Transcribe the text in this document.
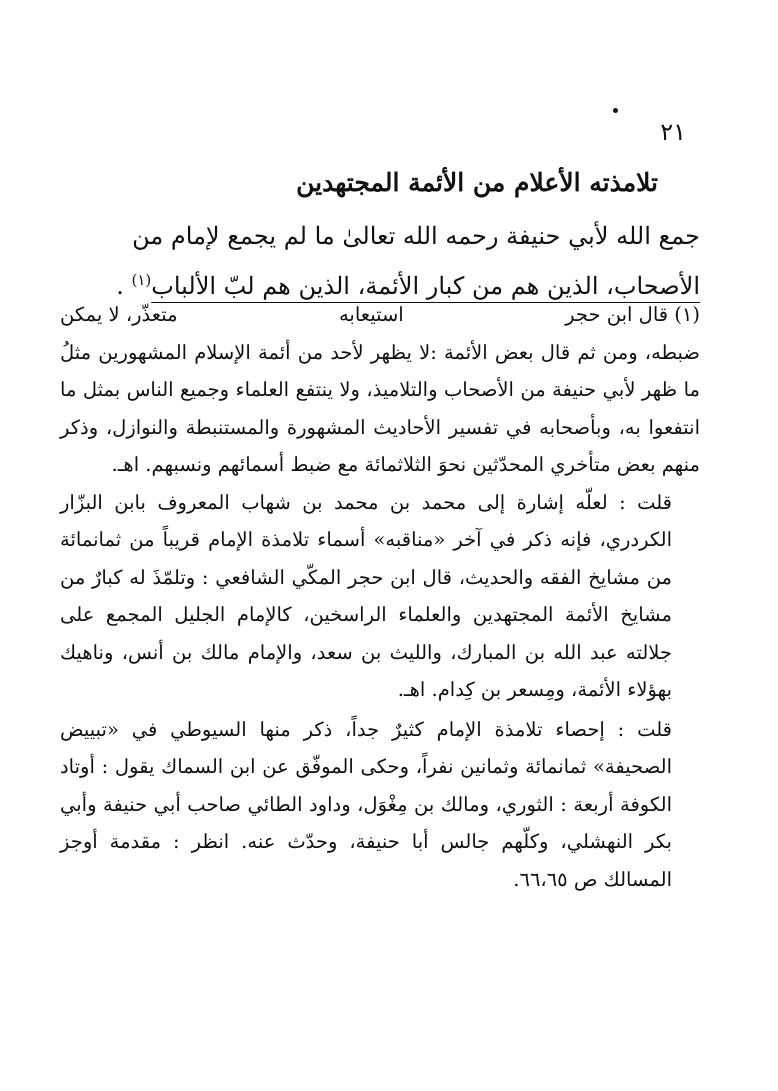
٢١
تلامذته الأعلام من الأئمة المجتهدين

جمع الله لأبي حنيفة رحمه الله تعالىٰ ما لم يجمع لإمام من

الأصحاب، الذين هم من كبار الأئمة، الذين هم لبّ الألباب$^{(١)}$ .

(١) قال ابن حجر
استيعابه
متعذّر، لا يمكن

ضبطه، ومن ثم قال بعض الأئمة :لا يظهر لأحد من أئمة الإسلام المشهورين مثلُ ما ظهر لأبي حنيفة من الأصحاب والتلاميذ، ولا ينتفع العلماء وجميع الناس بمثل ما انتفعوا به، وبأصحابه في تفسير الأحاديث المشهورة والمستنبطة والنوازل، وذكر منهم بعض متأخري المحدّثين نحوَ الثلاثمائة مع ضبط أسمائهم ونسبهم. اهـ.

قلت : لعلّه إشارة إلى محمد بن محمد بن شهاب المعروف بابن البزّار الكردري، فإنه ذكر في آخر «مناقبه» أسماء تلامذة الإمام قريباً من ثمانمائة من مشايخ الفقه والحديث، قال ابن حجر المكّي الشافعي : وتلمّذَ له كبارٌ من مشايخ الأئمة المجتهدين والعلماء الراسخين، كالإمام الجليل المجمع على جلالته عبد الله بن المبارك، والليث بن سعد، والإمام مالك بن أنس، وناهيك بهؤلاء الأئمة، ومِسعر بن كِدام. اهـ.

قلت : إحصاء تلامذة الإمام كثيرٌ جداً، ذكر منها السيوطي في «تبييض الصحيفة» ثمانمائة وثمانين نفراً، وحكى الموفّق عن ابن السماك يقول : أوتاد الكوفة أربعة : الثوري، ومالك بن مِغْوَل، وداود الطائي صاحب أبي حنيفة وأبي بكر النهشلي، وكلّهم جالس أبا حنيفة، وحدّث عنه. انظر : مقدمة أوجز المسالك ص ٦٦،٦٥.
